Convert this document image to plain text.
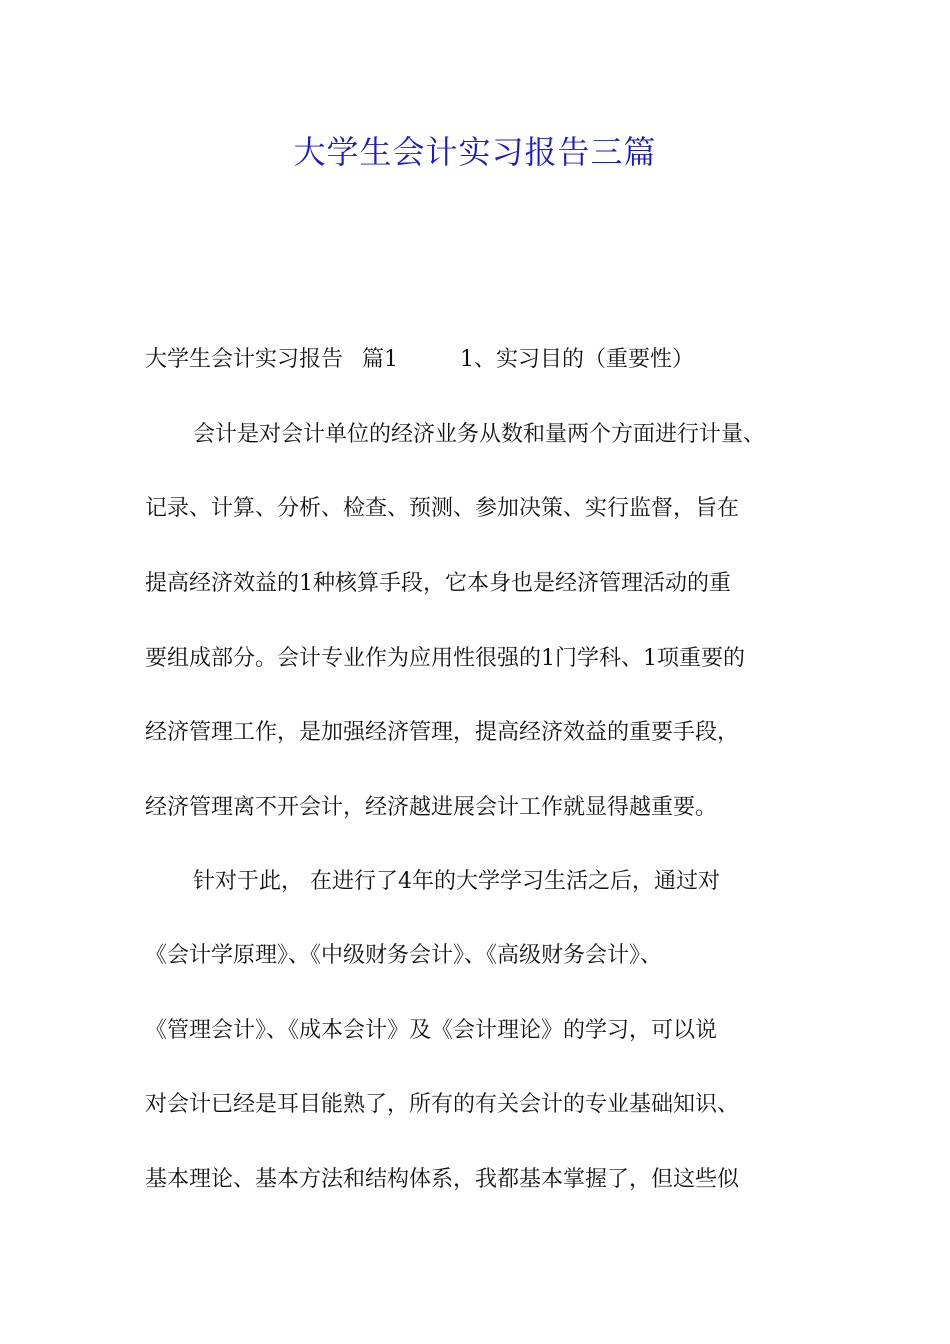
大学生会计实习报告三篇
大学生会计实习报告 篇1	1、实习目的（重要性）
会计是对会计单位的经济业务从数和量两个方面进行计量、
记录、计算、分析、检查、预测、参加决策、实行监督，旨在
提高经济效益的1种核算手段，它本身也是经济管理活动的重
要组成部分。会计专业作为应用性很强的1门学科、1项重要的
经济管理工作，是加强经济管理，提高经济效益的重要手段，
经济管理离不开会计，经济越进展会计工作就显得越重要。
针对于此， 在进行了4年的大学学习生活之后，通过对
《会计学原理》、《中级财务会计》、《高级财务会计》、
《管理会计》、《成本会计》及《会计理论》的学习，可以说
对会计已经是耳目能熟了，所有的有关会计的专业基础知识、
基本理论、基本方法和结构体系，我都基本掌握了，但这些似
